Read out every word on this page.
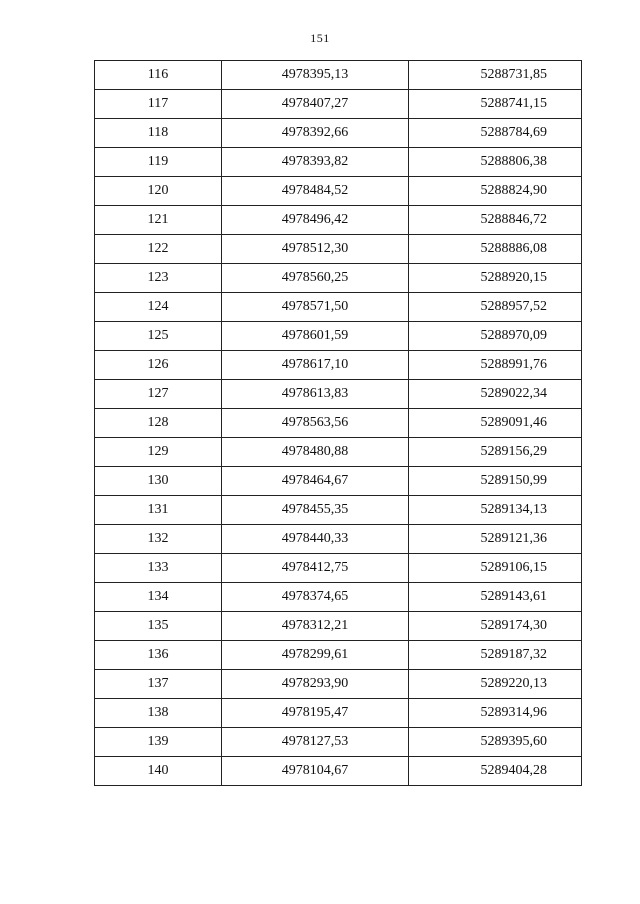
151
116	4978395,13	5288731,85
117	4978407,27	5288741,15
118	4978392,66	5288784,69
119	4978393,82	5288806,38
120	4978484,52	5288824,90
121	4978496,42	5288846,72
122	4978512,30	5288886,08
123	4978560,25	5288920,15
124	4978571,50	5288957,52
125	4978601,59	5288970,09
126	4978617,10	5288991,76
127	4978613,83	5289022,34
128	4978563,56	5289091,46
129	4978480,88	5289156,29
130	4978464,67	5289150,99
131	4978455,35	5289134,13
132	4978440,33	5289121,36
133	4978412,75	5289106,15
134	4978374,65	5289143,61
135	4978312,21	5289174,30
136	4978299,61	5289187,32
137	4978293,90	5289220,13
138	4978195,47	5289314,96
139	4978127,53	5289395,60
140	4978104,67	5289404,28
